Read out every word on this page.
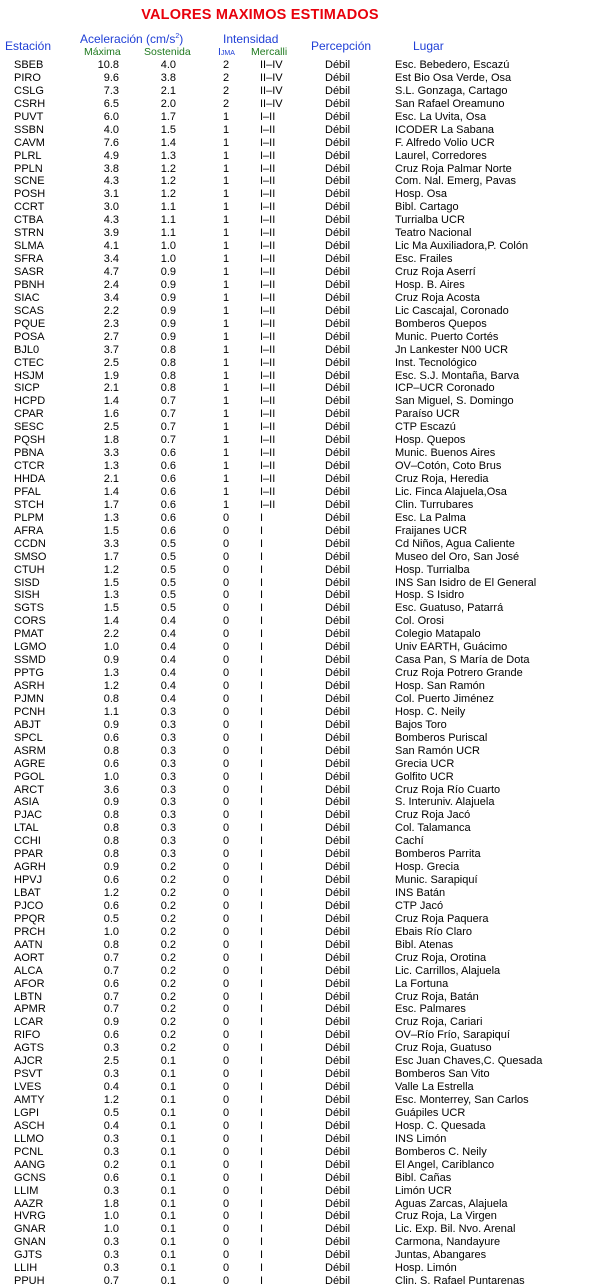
VALORES MAXIMOS ESTIMADOS
Estación Aceleración $(cm/s^2)$
Máxima Sostenida
Intensidad
IJMA Mercalli Percepción	Lugar
SBEB	10.8	4.0	2	II–IV	Débil	Esc. Bebedero, Escazú
PIRO	9.6	3.8	2	II–IV	Débil	Est Bio Osa Verde, Osa
CSLG	7.3	2.1	2	II–IV	Débil	S.L. Gonzaga, Cartago
CSRH	6.5	2.0	2	II–IV	Débil	San Rafael Oreamuno
PUVT	6.0	1.7	1	I–II	Débil	Esc. La Uvita, Osa
SSBN	4.0	1.5	1	I–II	Débil	ICODER La Sabana
CAVM	7.6	1.4	1	I–II	Débil	F. Alfredo Volio UCR
PLRL	4.9	1.3	1	I–II	Débil	Laurel, Corredores
PPLN	3.8	1.2	1	I–II	Débil	Cruz Roja Palmar Norte
SCNE	4.3	1.2	1	I–II	Débil	Com. Nal. Emerg, Pavas
POSH	3.1	1.2	1	I–II	Débil	Hosp. Osa
CCRT	3.0	1.1	1	I–II	Débil	Bibl. Cartago
CTBA	4.3	1.1	1	I–II	Débil	Turrialba UCR
STRN	3.9	1.1	1	I–II	Débil	Teatro Nacional
SLMA	4.1	1.0	1	I–II	Débil	Lic Ma Auxiliadora,P. Colón
SFRA	3.4	1.0	1	I–II	Débil	Esc. Frailes
SASR	4.7	0.9	1	I–II	Débil	Cruz Roja Aserrí
PBNH	2.4	0.9	1	I–II	Débil	Hosp. B. Aires
SIAC	3.4	0.9	1	I–II	Débil	Cruz Roja Acosta
SCAS	2.2	0.9	1	I–II	Débil	Lic Cascajal, Coronado
PQUE	2.3	0.9	1	I–II	Débil	Bomberos Quepos
POSA	2.7	0.9	1	I–II	Débil	Munic. Puerto Cortés
BJL0	3.7	0.8	1	I–II	Débil	Jn Lankester N00 UCR
CTEC	2.5	0.8	1	I–II	Débil	Inst. Tecnológico
HSJM	1.9	0.8	1	I–II	Débil	Esc. S.J. Montaña, Barva
SICP	2.1	0.8	1	I–II	Débil	ICP–UCR Coronado
HCPD	1.4	0.7	1	I–II	Débil	San Miguel, S. Domingo
CPAR	1.6	0.7	1	I–II	Débil	Paraíso UCR
SESC	2.5	0.7	1	I–II	Débil	CTP Escazú
PQSH	1.8	0.7	1	I–II	Débil	Hosp. Quepos
PBNA	3.3	0.6	1	I–II	Débil	Munic. Buenos Aires
CTCR	1.3	0.6	1	I–II	Débil	OV–Cotón, Coto Brus
HHDA	2.1	0.6	1	I–II	Débil	Cruz Roja, Heredia
PFAL	1.4	0.6	1	I–II	Débil	Lic. Finca Alajuela,Osa
STCH	1.7	0.6	1	I–II	Débil	Clin. Turrubares
PLPM	1.3	0.6	0	I	Débil	Esc. La Palma
AFRA	1.5	0.6	0	I	Débil	Fraijanes UCR
CCDN	3.3	0.5	0	I	Débil	Cd Niños, Agua Caliente
SMSO	1.7	0.5	0	I	Débil	Museo del Oro, San José
CTUH	1.2	0.5	0	I	Débil	Hosp. Turrialba
SISD	1.5	0.5	0	I	Débil	INS San Isidro de El General
SISH	1.3	0.5	0	I	Débil	Hosp. S Isidro
SGTS	1.5	0.5	0	I	Débil	Esc. Guatuso, Patarrá
CORS	1.4	0.4	0	I	Débil	Col. Orosi
PMAT	2.2	0.4	0	I	Débil	Colegio Matapalo
LGMO	1.0	0.4	0	I	Débil	Univ EARTH, Guácimo
SSMD	0.9	0.4	0	I	Débil	Casa Pan, S María de Dota
PPTG	1.3	0.4	0	I	Débil	Cruz Roja Potrero Grande
ASRH	1.2	0.4	0	I	Débil	Hosp. San Ramón
PJMN	0.8	0.4	0	I	Débil	Col. Puerto Jiménez
PCNH	1.1	0.3	0	I	Débil	Hosp. C. Neily
ABJT	0.9	0.3	0	I	Débil	Bajos Toro
SPCL	0.6	0.3	0	I	Débil	Bomberos Puriscal
ASRM	0.8	0.3	0	I	Débil	San Ramón UCR
AGRE	0.6	0.3	0	I	Débil	Grecia UCR
PGOL	1.0	0.3	0	I	Débil	Golfito UCR
ARCT	3.6	0.3	0	I	Débil	Cruz Roja Río Cuarto
ASIA	0.9	0.3	0	I	Débil	S. Interuniv. Alajuela
PJAC	0.8	0.3	0	I	Débil	Cruz Roja Jacó
LTAL	0.8	0.3	0	I	Débil	Col. Talamanca
CCHI	0.8	0.3	0	I	Débil	Cachí
PPAR	0.8	0.3	0	I	Débil	Bomberos Parrita
AGRH	0.9	0.2	0	I	Débil	Hosp. Grecia
HPVJ	0.6	0.2	0	I	Débil	Munic. Sarapiquí
LBAT	1.2	0.2	0	I	Débil	INS Batán
PJCO	0.6	0.2	0	I	Débil	CTP Jacó
PPQR	0.5	0.2	0	I	Débil	Cruz Roja Paquera
PRCH	1.0	0.2	0	I	Débil	Ebais Río Claro
AATN	0.8	0.2	0	I	Débil	Bibl. Atenas
AORT	0.7	0.2	0	I	Débil	Cruz Roja, Orotina
ALCA	0.7	0.2	0	I	Débil	Lic. Carrillos, Alajuela
AFOR	0.6	0.2	0	I	Débil	La Fortuna
LBTN	0.7	0.2	0	I	Débil	Cruz Roja, Batán
APMR	0.7	0.2	0	I	Débil	Esc. Palmares
LCAR	0.9	0.2	0	I	Débil	Cruz Roja, Cariari
RIFO	0.6	0.2	0	I	Débil	OV–Río Frío, Sarapiquí
AGTS	0.3	0.2	0	I	Débil	Cruz Roja, Guatuso
AJCR	2.5	0.1	0	I	Débil	Esc Juan Chaves,C. Quesada
PSVT	0.3	0.1	0	I	Débil	Bomberos San Vito
LVES	0.4	0.1	0	I	Débil	Valle La Estrella
AMTY	1.2	0.1	0	I	Débil	Esc. Monterrey, San Carlos
LGPI	0.5	0.1	0	I	Débil	Guápiles UCR
ASCH	0.4	0.1	0	I	Débil	Hosp. C. Quesada
LLMO	0.3	0.1	0	I	Débil	INS Limón
PCNL	0.3	0.1	0	I	Débil	Bomberos C. Neily
AANG	0.2	0.1	0	I	Débil	El Angel, Cariblanco
GCNS	0.6	0.1	0	I	Débil	Bibl. Cañas
LLIM	0.3	0.1	0	I	Débil	Limón UCR
AAZR	1.8	0.1	0	I	Débil	Aguas Zarcas, Alajuela
HVRG	1.0	0.1	0	I	Débil	Cruz Roja, La Virgen
GNAR	1.0	0.1	0	I	Débil	Lic. Exp. Bil. Nvo. Arenal
GNAN	0.3	0.1	0	I	Débil	Carmona, Nandayure
GJTS	0.3	0.1	0	I	Débil	Juntas, Abangares
LLIH	0.3	0.1	0	I	Débil	Hosp. Limón
PPUH	0.7	0.1	0	I	Débil	Clin. S. Rafael Puntarenas
